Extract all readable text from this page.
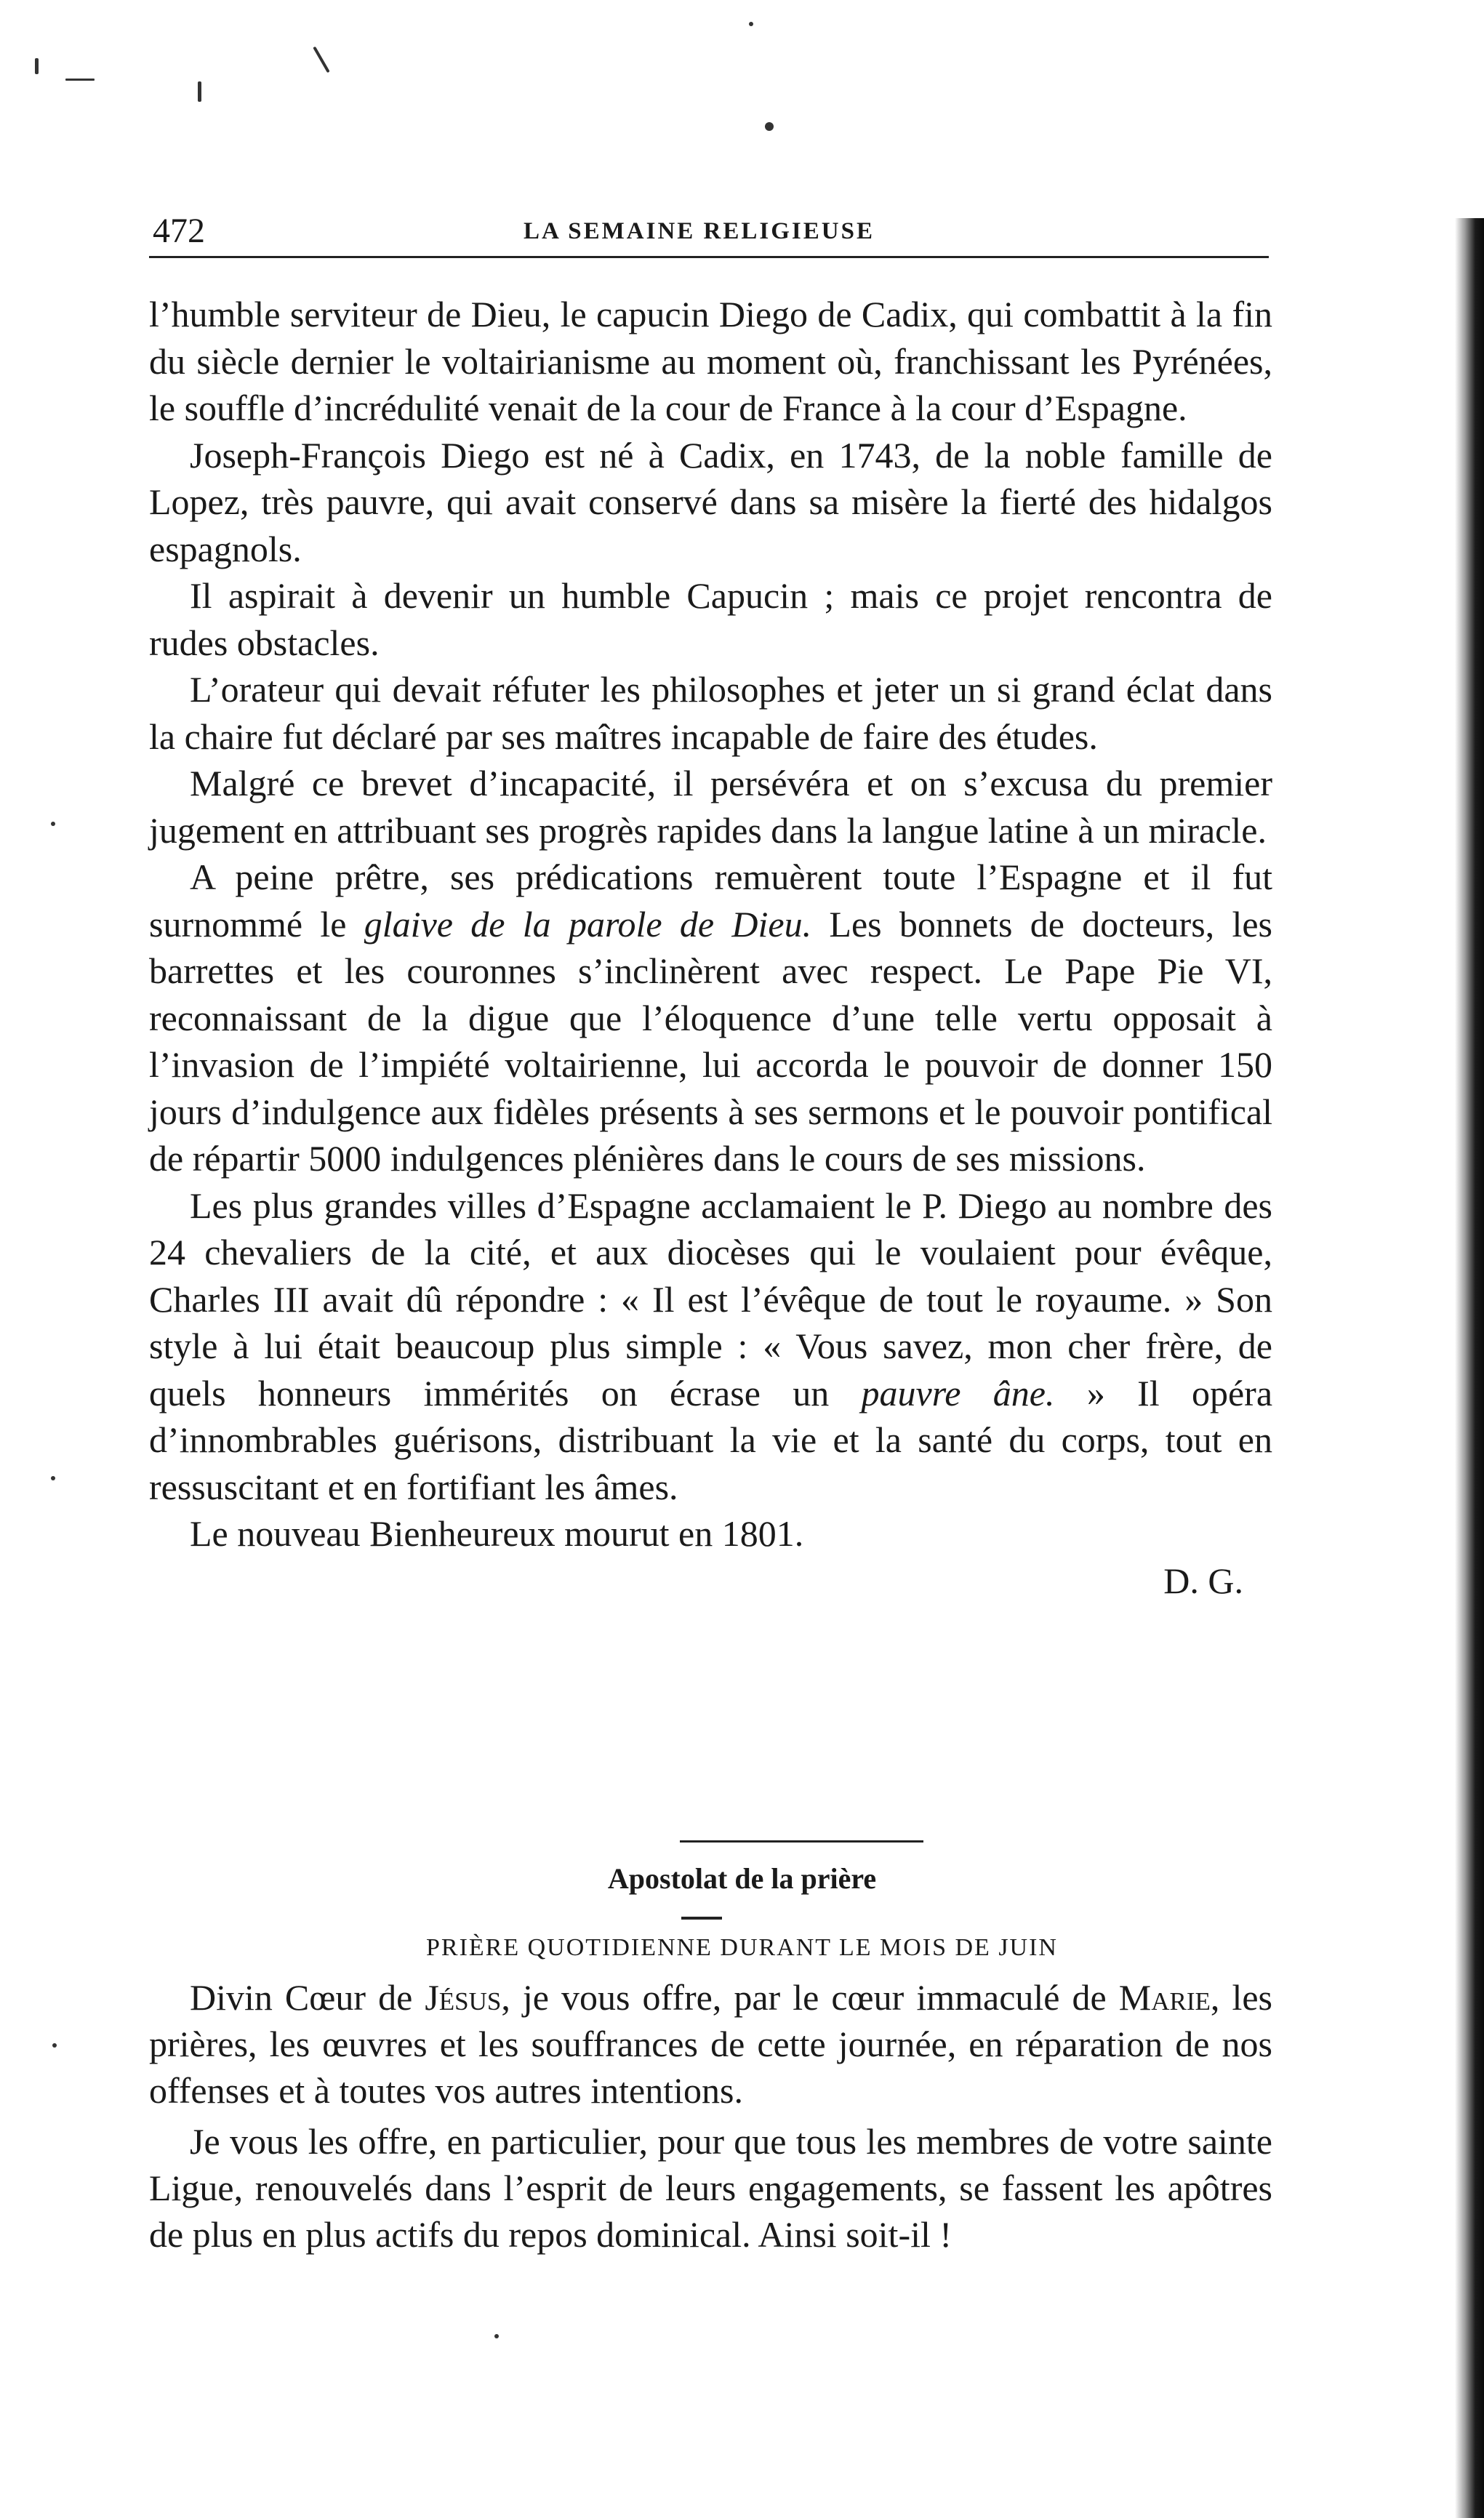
472	LA SEMAINE RELIGIEUSE

l’humble serviteur de Dieu, le capucin Diego de Cadix, qui combattit à la fin du siècle dernier le voltairianisme au moment où, franchissant les Pyrénées, le souffle d’incrédulité venait de la cour de France à la cour d’Espagne.

Joseph-François Diego est né à Cadix, en 1743, de la noble famille de Lopez, très pauvre, qui avait conservé dans sa misère la fierté des hidalgos espagnols.

Il aspirait à devenir un humble Capucin ; mais ce projet rencontra de rudes obstacles.

L’orateur qui devait réfuter les philosophes et jeter un si grand éclat dans la chaire fut déclaré par ses maîtres incapable de faire des études.

Malgré ce brevet d’incapacité, il persévéra et on s’excusa du premier jugement en attribuant ses progrès rapides dans la langue latine à un miracle.

A peine prêtre, ses prédications remuèrent toute l’Espagne et il fut surnommé le glaive de la parole de Dieu. Les bonnets de docteurs, les barrettes et les couronnes s’inclinèrent avec respect. Le Pape Pie VI, reconnaissant de la digue que l’éloquence d’une telle vertu opposait à l’invasion de l’impiété voltairienne, lui accorda le pouvoir de donner 150 jours d’indulgence aux fidèles présents à ses sermons et le pouvoir pontifical de répartir 5000 indulgences plénières dans le cours de ses missions.

Les plus grandes villes d’Espagne acclamaient le P. Diego au nombre des 24 chevaliers de la cité, et aux diocèses qui le voulaient pour évêque, Charles III avait dû répondre : « Il est l’évêque de tout le royaume. » Son style à lui était beaucoup plus simple : « Vous savez, mon cher frère, de quels honneurs immérités on écrase un pauvre âne. » Il opéra d’innombrables guérisons, distribuant la vie et la santé du corps, tout en ressuscitant et en fortifiant les âmes.

Le nouveau Bienheureux mourut en 1801.

D. G.
Apostolat de la prière
PRIÈRE QUOTIDIENNE DURANT LE MOIS DE JUIN

Divin Cœur de Jésus, je vous offre, par le cœur immaculé de Marie, les prières, les œuvres et les souffrances de cette journée, en réparation de nos offenses et à toutes vos autres intentions.

Je vous les offre, en particulier, pour que tous les membres de votre sainte Ligue, renouvelés dans l’esprit de leurs engagements, se fassent les apôtres de plus en plus actifs du repos dominical. Ainsi soit-il !
